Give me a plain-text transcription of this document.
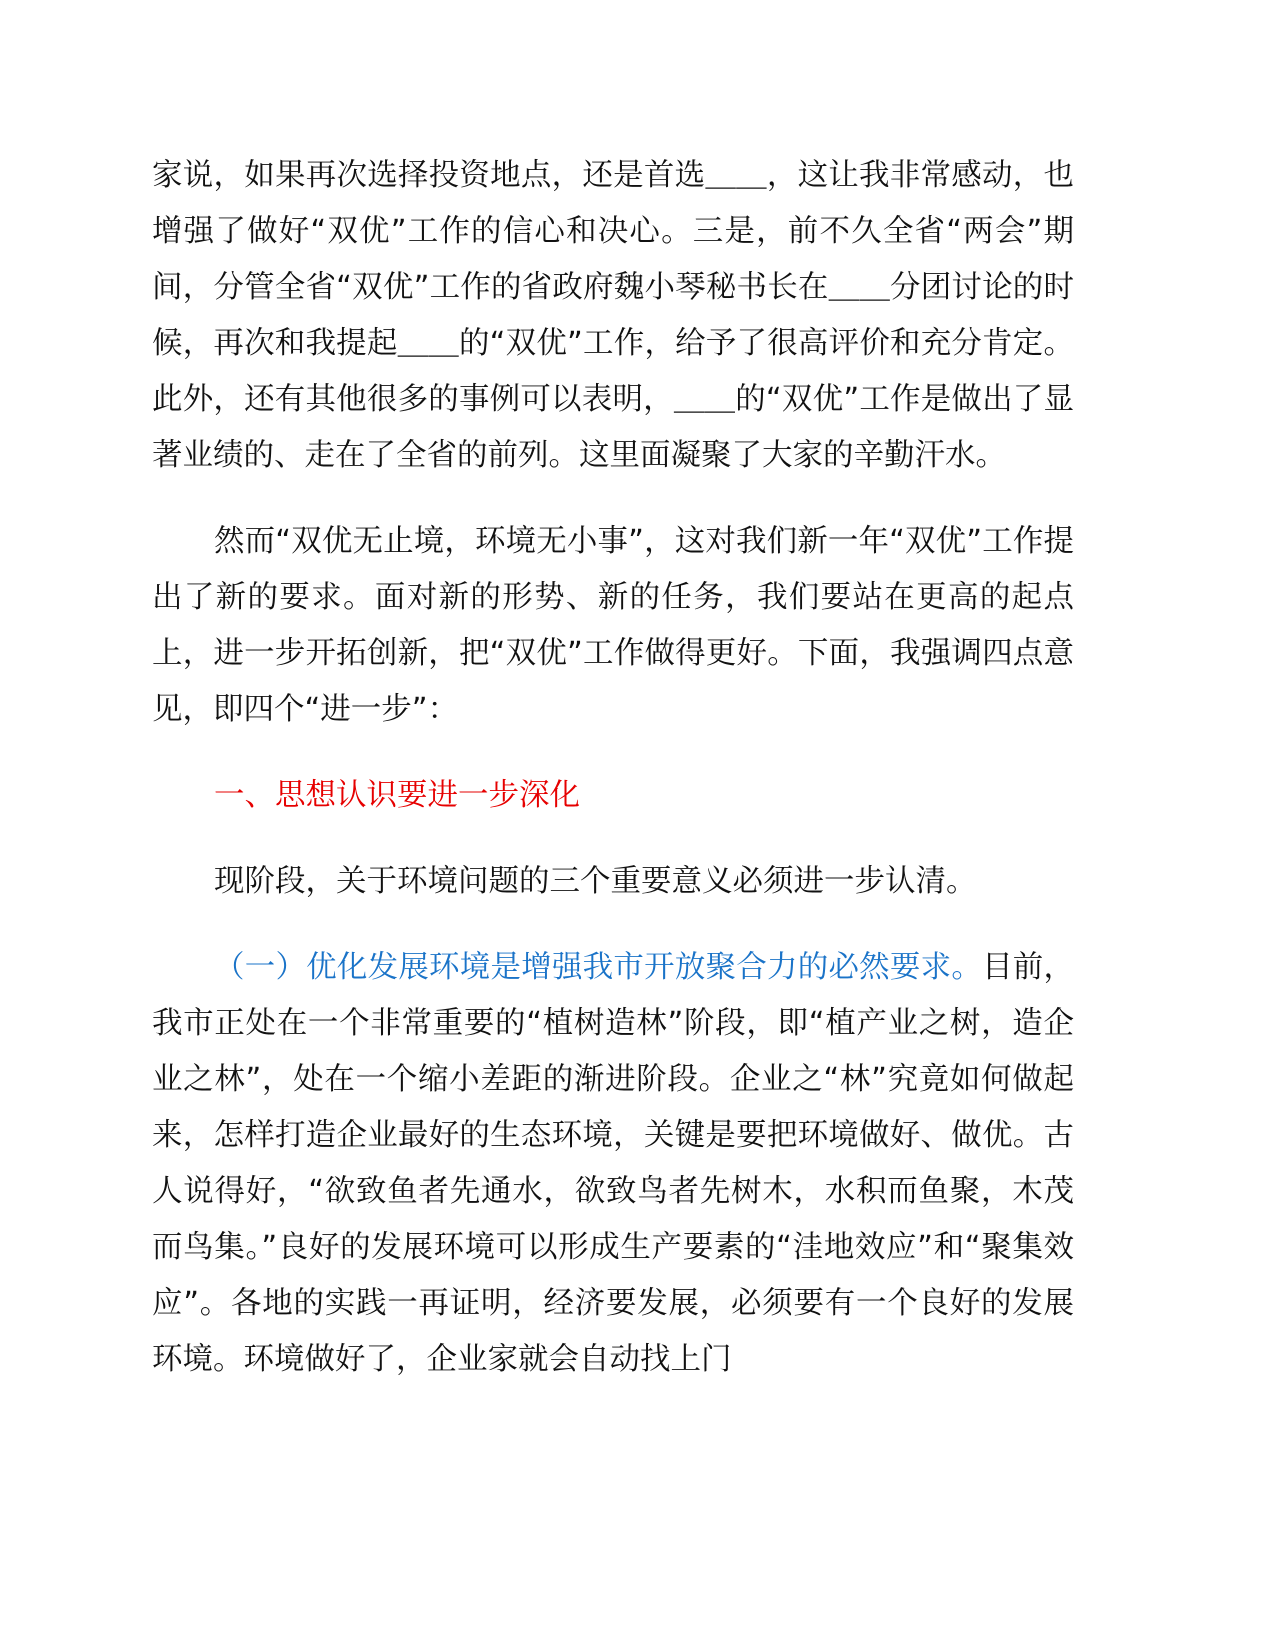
家说，如果再次选择投资地点，还是首选＿＿，这让我非常感动，也增强了做好“双优”工作的信心和决心。三是，前不久全省“两会”期间，分管全省“双优”工作的省政府魏小琴秘书长在＿＿分团讨论的时候，再次和我提起＿＿的“双优”工作，给予了很高评价和充分肯定。此外，还有其他很多的事例可以表明，＿＿的“双优”工作是做出了显著业绩的、走在了全省的前列。这里面凝聚了大家的辛勤汗水。

然而“双优无止境，环境无小事”，这对我们新一年“双优”工作提出了新的要求。面对新的形势、新的任务，我们要站在更高的起点上，进一步开拓创新，把“双优”工作做得更好。下面，我强调四点意见，即四个“进一步”：

一、思想认识要进一步深化

现阶段，关于环境问题的三个重要意义必须进一步认清。

（一）优化发展环境是增强我市开放聚合力的必然要求。目前，我市正处在一个非常重要的“植树造林”阶段，即“植产业之树，造企业之林”，处在一个缩小差距的渐进阶段。企业之“林”究竟如何做起来，怎样打造企业最好的生态环境，关键是要把环境做好、做优。古人说得好，“欲致鱼者先通水，欲致鸟者先树木，水积而鱼聚，木茂而鸟集。”良好的发展环境可以形成生产要素的“洼地效应”和“聚集效应”。各地的实践一再证明，经济要发展，必须要有一个良好的发展环境。环境做好了，企业家就会自动找上门
